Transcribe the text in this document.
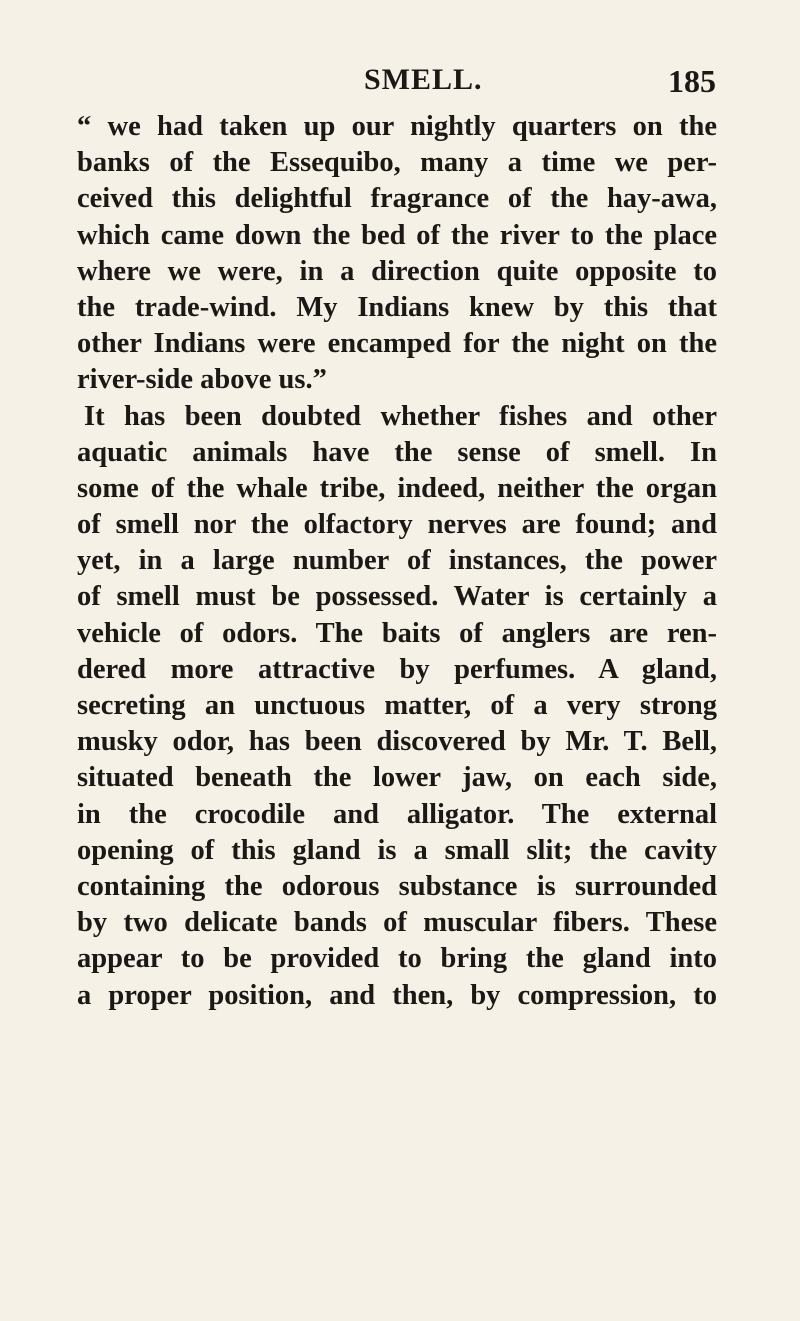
SMELL.	185
“ we had taken up our nightly quarters on the
banks of the Essequibo, many a time we per-
ceived this delightful fragrance of the hay-awa,
which came down the bed of the river to the place
where we were, in a direction quite opposite to
the trade-wind. My Indians knew by this that
other Indians were encamped for the night on the
river-side above us.”
It has been doubted whether fishes and other
aquatic animals have the sense of smell. In
some of the whale tribe, indeed, neither the organ
of smell nor the olfactory nerves are found; and
yet, in a large number of instances, the power
of smell must be possessed. Water is certainly a
vehicle of odors. The baits of anglers are ren-
dered more attractive by perfumes. A gland,
secreting an unctuous matter, of a very strong
musky odor, has been discovered by Mr. T. Bell,
situated beneath the lower jaw, on each side,
in the crocodile and alligator. The external
opening of this gland is a small slit; the cavity
containing the odorous substance is surrounded
by two delicate bands of muscular fibers. These
appear to be provided to bring the gland into
a proper position, and then, by compression, to
